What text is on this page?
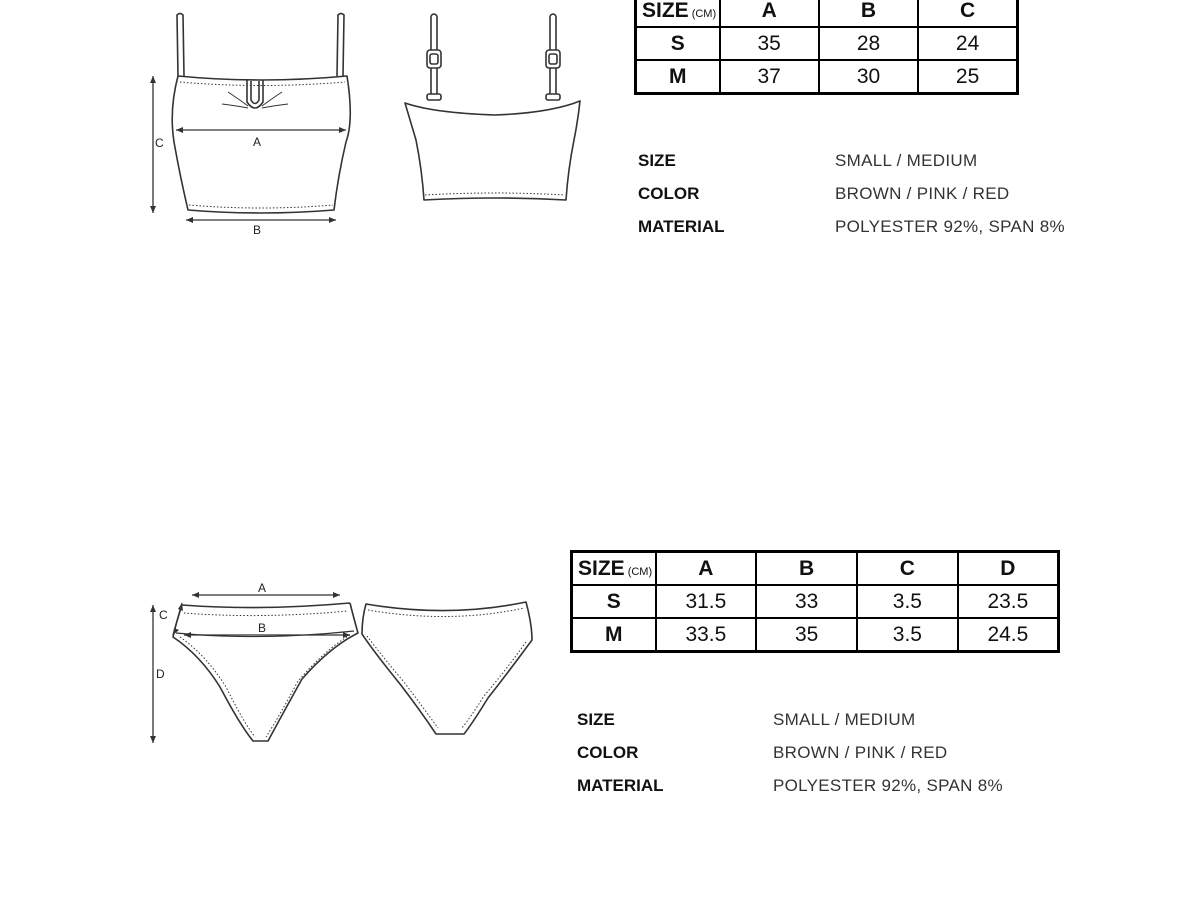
A
B
C
SIZE (CM)	A	B	C
S	35	28	24
M	37	30	25
SIZE	SMALL / MEDIUM
COLOR	BROWN / PINK / RED
MATERIAL	POLYESTER 92%, SPAN 8%
A
B
C
D
SIZE (CM)	A	B	C	D
S	31.5	33	3.5	23.5
M	33.5	35	3.5	24.5
SIZE	SMALL / MEDIUM
COLOR	BROWN / PINK / RED
MATERIAL	POLYESTER 92%, SPAN 8%
